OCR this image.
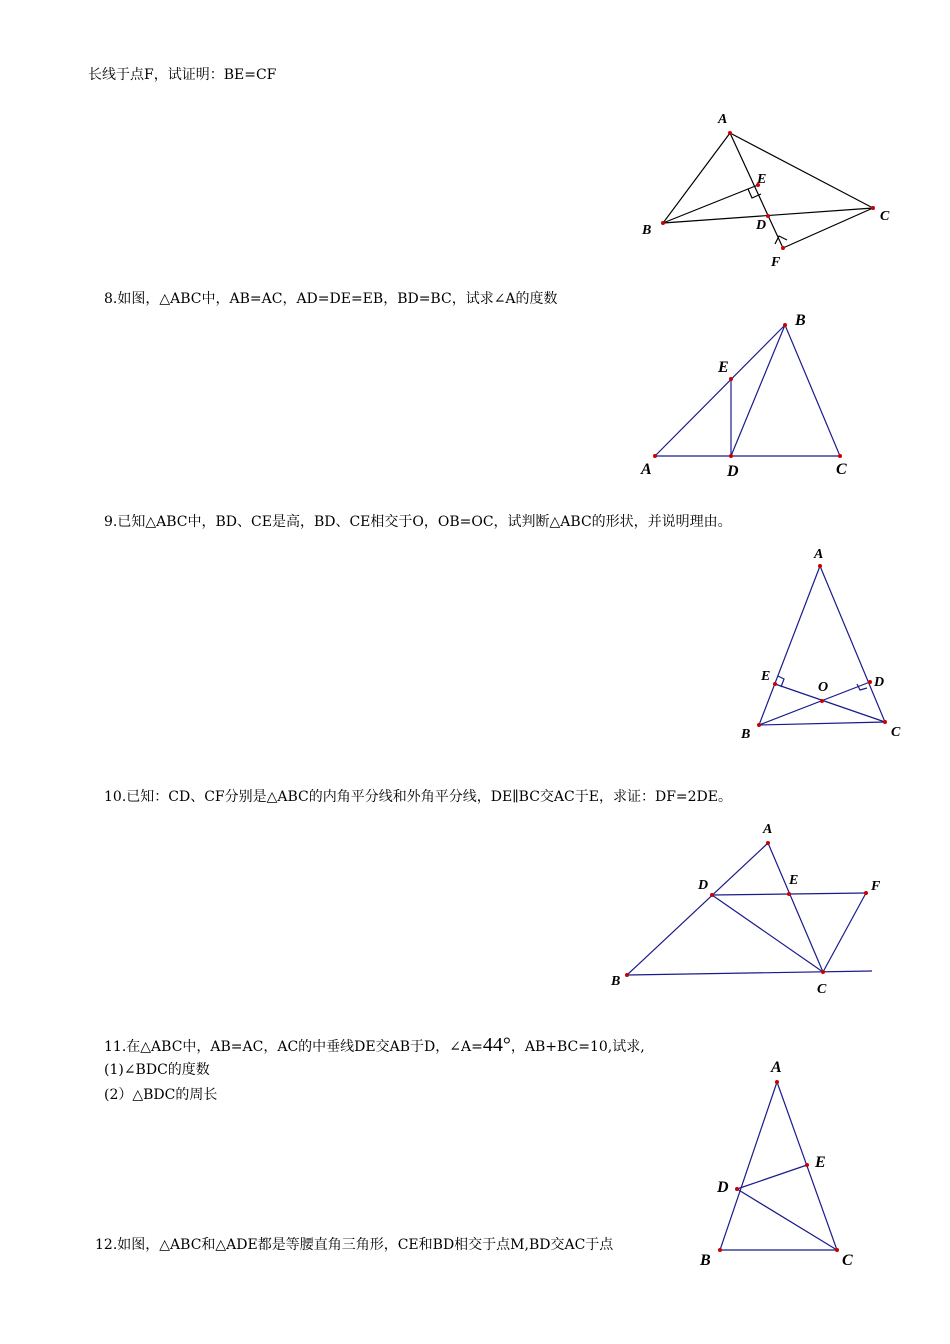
长线于点F，试证明：BE=CF
8.如图，△ABC中，AB=AC，AD=DE=EB，BD=BC，试求∠A的度数
9.已知△ABC中，BD、CE是高，BD、CE相交于O，OB=OC，试判断△ABC的形状，并说明理由。
10.已知：CD、CF分别是△ABC的内角平分线和外角平分线，DE∥BC交AC于E，求证：DF=2DE。
11.在△ABC中，AB=AC，AC的中垂线DE交AB于D，∠A=44°，AB+BC=10,试求,
(1)∠BDC的度数
(2）△BDC的周长
12.如图，△ABC和△ADE都是等腰直角三角形，CE和BD相交于点M,BD交AC于点
A
B
C
D
E
F
A
B
C
D
E
A
B	C
D
E
O
A
B
C
D	E	F
A
B	C
D
E
